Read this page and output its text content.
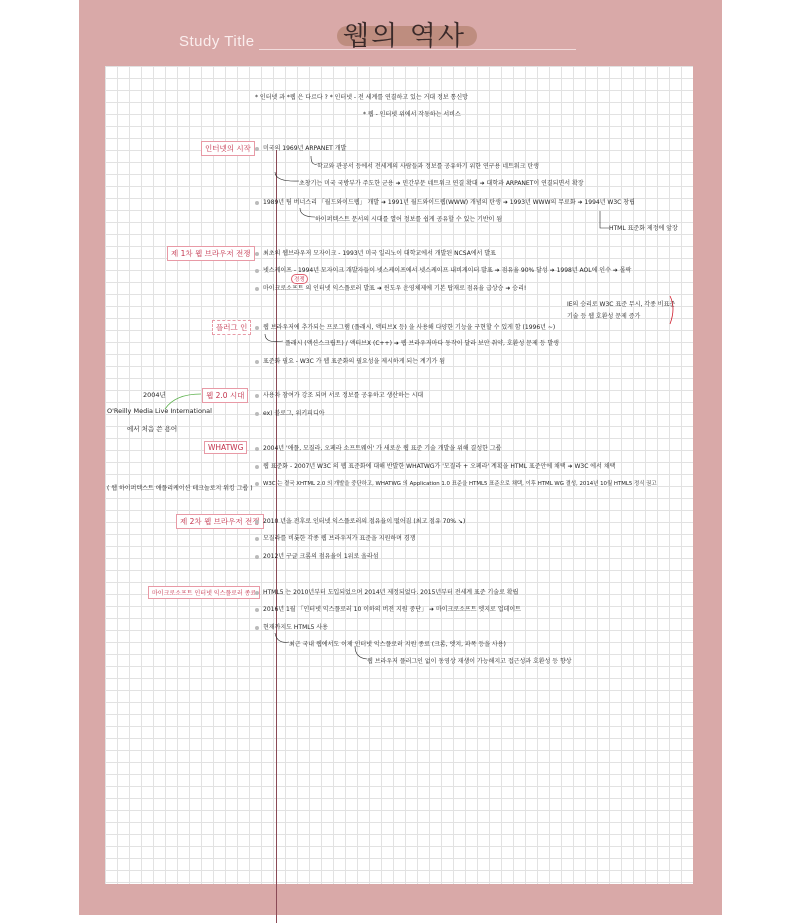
Study Title	웹의 역사
* 인터넷 과 *웹 은 다르다 ? * 인터넷 - 전 세계를 연결하고 있는 거대 정보 통신망
* 웹 - 인터넷 위에서 작동하는 서비스
인터넷의 시작	미국의 1969년 ARPANET 개발
학교와 관공서 등에서 전세계의 사람들과 정보를 공유하기 위한 연구용 네트워크 탄생
초창기는 미국 국방부가 주도한 군용 ➜ 민간부문 네트워크 연결 확대 ➜ 대학과 ARPANET이 연결되면서 확장
1989년 팀 버너스리 「월드와이드웹」 개발 ➜ 1991년 월드와이드웹(WWW) 개념의 탄생 ➜ 1993년 WWW의 무료화 ➜ 1994년 W3C 창립
하이퍼텍스트 문서의 시대를 열어 정보를 쉽게 공유할 수 있는 기반이 됨
HTML 표준화 제정에 앞장
제 1차 웹 브라우저 전쟁	최초의 웹브라우저 모자이크 - 1993년 미국 일리노이 대학교에서 개발된 NCSA에서 발표
넷스케이프 - 1994년 모자이크 개발자들이 넷스케이프에서 넷스케이프 내비게이터 발표 ➜ 점유율 90% 달성 ➜ 1998년 AOL에 인수 ➜ 몰락
경쟁
마이크로소프트 의 인터넷 익스플로러 발표 ➜ 윈도우 운영체제에 기본 탑재로 점유율 급상승 ➜ 승리!
IE의 승리로 W3C 표준 무시, 각종 비표준 기술 등 웹 호환성 문제 증가
플러그 인	웹 브라우저에 추가되는 프로그램 (플래시, 액티브X 등) 을 사용해 다양한 기능을 구현할 수 있게 함 (1996년 ~)
플래시 (액션스크립트) / 액티브X (C++) ➜ 웹 브라우저마다 동작이 달라 보안 취약, 호환성 문제 등 발생
표준화 필요 - W3C 가 웹 표준화의 필요성을 제시하게 되는 계기가 됨
웹 2.0 시대
2004년
O'Reilly Media Live International
에서 처음 쓴 용어
사용자 참여가 강조 되며 서로 정보를 공유하고 생산하는 시대
ex) 블로그, 위키피디아
WHATWG
( 웹 하이퍼텍스트 애플리케이션 테크놀로지 워킹 그룹 )
2004년 '애플, 모질라, 오페라 소프트웨어' 가 새로운 웹 표준 기술 개발을 위해 결성한 그룹
웹 표준화 - 2007년 W3C 의 웹 표준화에 대해 반발한 WHATWG가 '모질라 + 오페라' 계획을 HTML 표준안에 채택 ➜ W3C 에서 채택
W3C 는 결국 XHTML 2.0 의 개발을 중단하고, WHATWG 의 Application 1.0 표준을 HTML5 표준으로 채택, 이후 HTML WG 결성, 2014년 10월 HTML5 정식 권고
제 2차 웹 브라우저 전쟁 2010 년을 전후로 인터넷 익스플로러의 점유율이 떨어짐 (최고 점유 70% ↘)
모질라를 비롯한 각종 웹 브라우저가 표준을 지원하며 경쟁
2012년 구글 크롬의 점유율이 1위로 올라섬
마이크로소프트 인터넷 익스플로러 종료	HTML5 는 2010년부터 도입되었으며 2014년 제정되었다. 2015년부터 전세계 표준 기술로 확립
2016년 1월 「인터넷 익스플로러 10 이하의 버전 지원 중단」 ➜ 마이크로소프트 엣지로 업데이트
현재까지도 HTML5 사용
최근 국내 웹에서도 이제 인터넷 익스플로러 지원 종료 (크롬, 엣지, 파폭 등을 사용)
웹 브라우저 플러그인 없이 동영상 재생이 가능해지고 접근성과 호환성 등 향상
